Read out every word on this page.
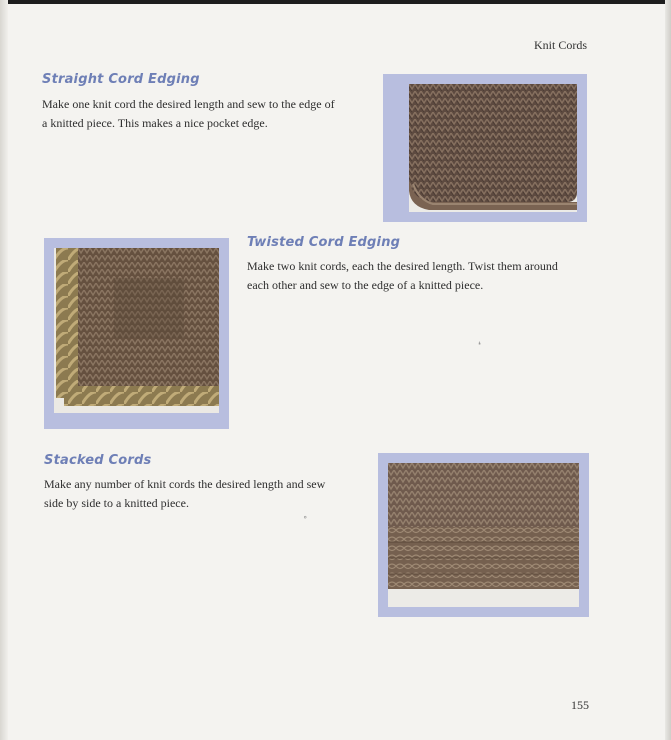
Knit Cords
Straight Cord Edging

Make one knit cord the desired length and sew to the edge of
a knitted piece. This makes a nice pocket edge.

Twisted Cord Edging

Make two knit cords, each the desired length. Twist them around
each other and sew to the edge of a knitted piece.

Stacked Cords

Make any number of knit cords the desired length and sew
side by side to a knitted piece.

❛
∘
155
